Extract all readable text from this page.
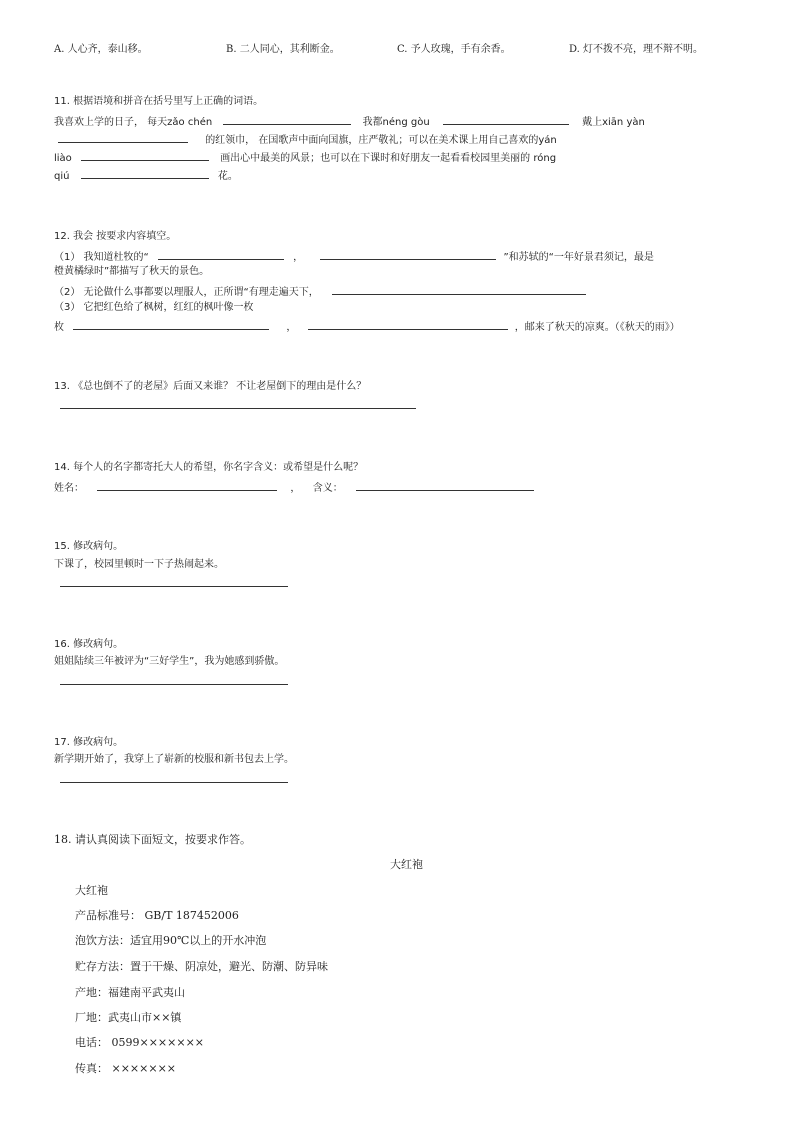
A. 人心齐，泰山移。	B. 二人同心，其利断金。	C. 予人玫瑰，手有余香。	D. 灯不拨不亮，理不辩不明。
11. 根据语境和拼音在括号里写上正确的词语。
我喜欢上学的日子， 每天zǎo chén	我都néng gòu	戴上xiān yàn
的红领巾， 在国歌声中面向国旗，庄严敬礼；可以在美术课上用自己喜欢的yán
liào	画出心中最美的风景；也可以在下课时和好朋友一起看看校园里美丽的 róng
qiú	花。
12. 我会 按要求内容填空。
（1） 我知道杜牧的“	，	”和苏轼的“一年好景君须记，最是
橙黄橘绿时”都描写了秋天的景色。
（2） 无论做什么事都要以理服人，正所谓“有理走遍天下，
（3） 它把红色给了枫树，红红的枫叶像一枚
枚	，	，邮来了秋天的凉爽。（《秋天的雨》）
13. 《总也倒不了的老屋》后面又来谁？ 不让老屋倒下的理由是什么？
14. 每个人的名字都寄托大人的希望，你名字含义：或希望是什么呢？
姓名：	， 含义：
15. 修改病句。
下课了，校园里顿时一下子热闹起来。
16. 修改病句。
姐姐陆续三年被评为“三好学生”，我为她感到骄傲。
17. 修改病句。
新学期开始了，我穿上了崭新的校服和新书包去上学。
18. 请认真阅读下面短文，按要求作答。
大红袍
大红袍
产品标准号： GB/T 187452006
泡饮方法：适宜用90℃以上的开水冲泡
贮存方法：置于干燥、阴凉处，避光、防潮、防异味
产地：福建南平武夷山
厂地：武夷山市××镇
电话： 0599×××××××
传真： ×××××××
